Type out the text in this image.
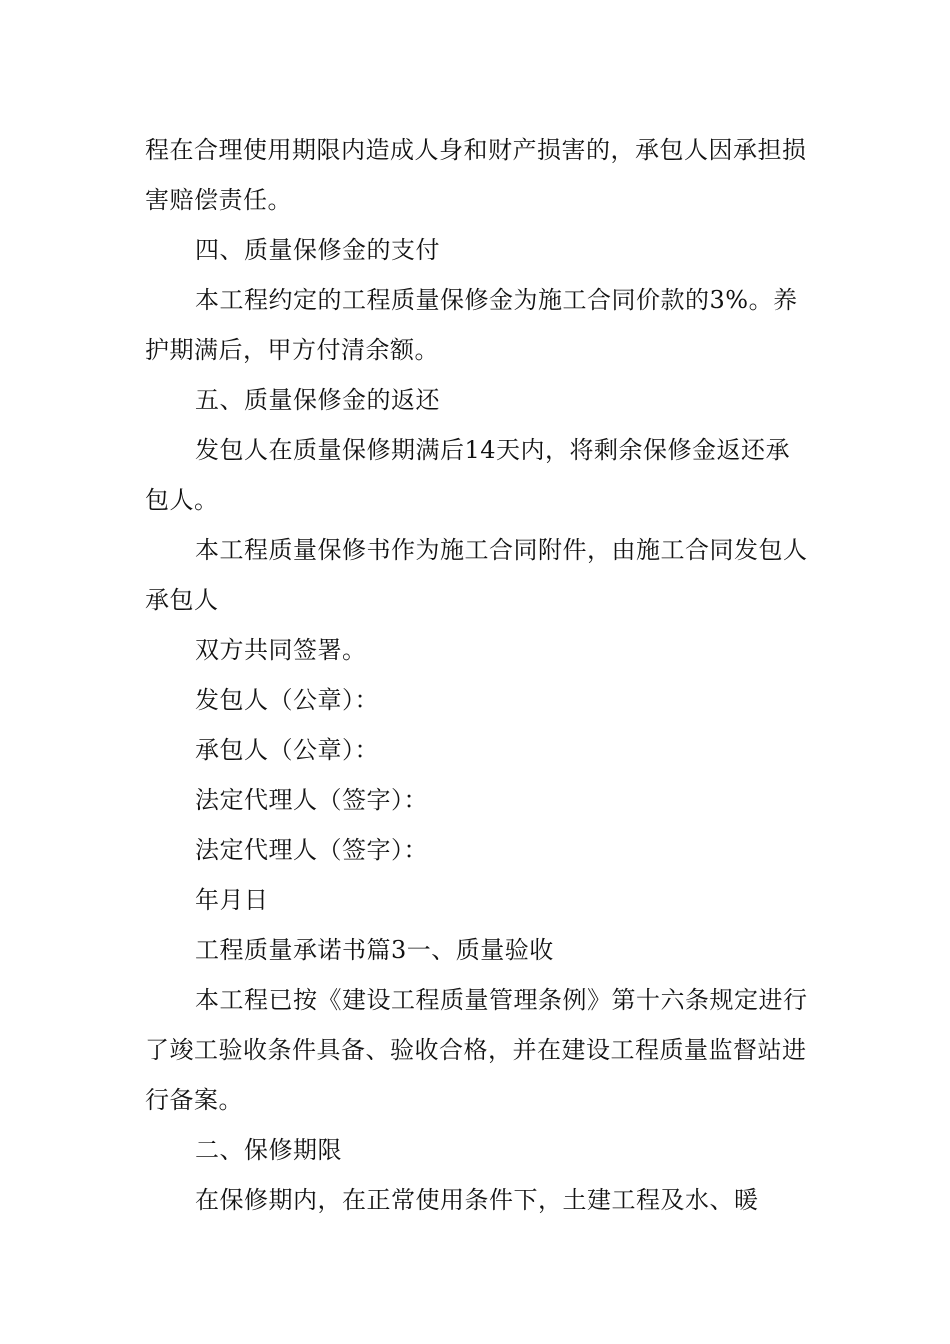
程在合理使用期限内造成人身和财产损害的，承包人因承担损害赔偿责任。

四、质量保修金的支付

本工程约定的工程质量保修金为施工合同价款的3%。养护期满后，甲方付清余额。

五、质量保修金的返还

发包人在质量保修期满后14天内，将剩余保修金返还承包人。

本工程质量保修书作为施工合同附件，由施工合同发包人承包人

双方共同签署。

发包人（公章）：

承包人（公章）：

法定代理人（签字）：

法定代理人（签字）：

年月日

工程质量承诺书篇3一、质量验收

本工程已按《建设工程质量管理条例》第十六条规定进行了竣工验收条件具备、验收合格，并在建设工程质量监督站进行备案。

二、保修期限

在保修期内，在正常使用条件下，土建工程及水、暖
